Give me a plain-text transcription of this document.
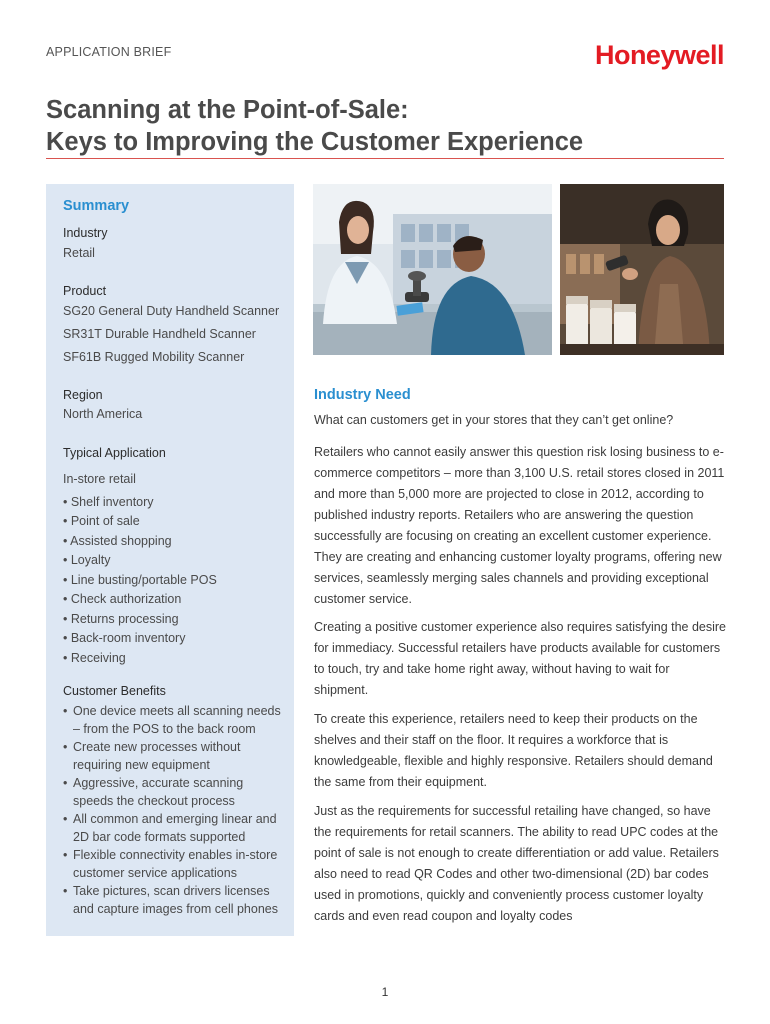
APPLICATION BRIEF	Honeywell
Scanning at the Point-of-Sale:
Keys to Improving the Customer Experience
Summary
Industry
Retail
Product
SG20 General Duty Handheld Scanner
SR31T Durable Handheld Scanner
SF61B Rugged Mobility Scanner
Region
North America
Typical Application
In-store retail
• Shelf inventory
• Point of sale
• Assisted shopping
• Loyalty
• Line busting/portable POS
• Check authorization
• Returns processing
• Back-room inventory
• Receiving
Customer Benefits
• One device meets all scanning needs – from the POS to the back room
• Create new processes without requiring new equipment
• Aggressive, accurate scanning speeds the checkout process
• All common and emerging linear and 2D bar code formats supported
• Flexible connectivity enables in-store customer service applications
• Take pictures, scan drivers licenses and capture images from cell phones
Industry Need

What can customers get in your stores that they can’t get online?

Retailers who cannot easily answer this question risk losing business to e-commerce competitors – more than 3,100 U.S. retail stores closed in 2011 and more than 5,000 more are projected to close in 2012, according to published industry reports. Retailers who are answering the question successfully are focusing on creating an excellent customer experience. They are creating and enhancing customer loyalty programs, offering new services, seamlessly merging sales channels and providing exceptional customer service.

Creating a positive customer experience also requires satisfying the desire for immediacy. Successful retailers have products available for customers to touch, try and take home right away, without having to wait for shipment.

To create this experience, retailers need to keep their products on the shelves and their staff on the floor. It requires a workforce that is knowledgeable, flexible and highly responsive. Retailers should demand the same from their equipment.

Just as the requirements for successful retailing have changed, so have the requirements for retail scanners. The ability to read UPC codes at the point of sale is not enough to create differentiation or add value. Retailers also need to read QR Codes and other two-dimensional (2D) bar codes used in promotions, quickly and conveniently process customer loyalty cards and even read coupon and loyalty codes

1
